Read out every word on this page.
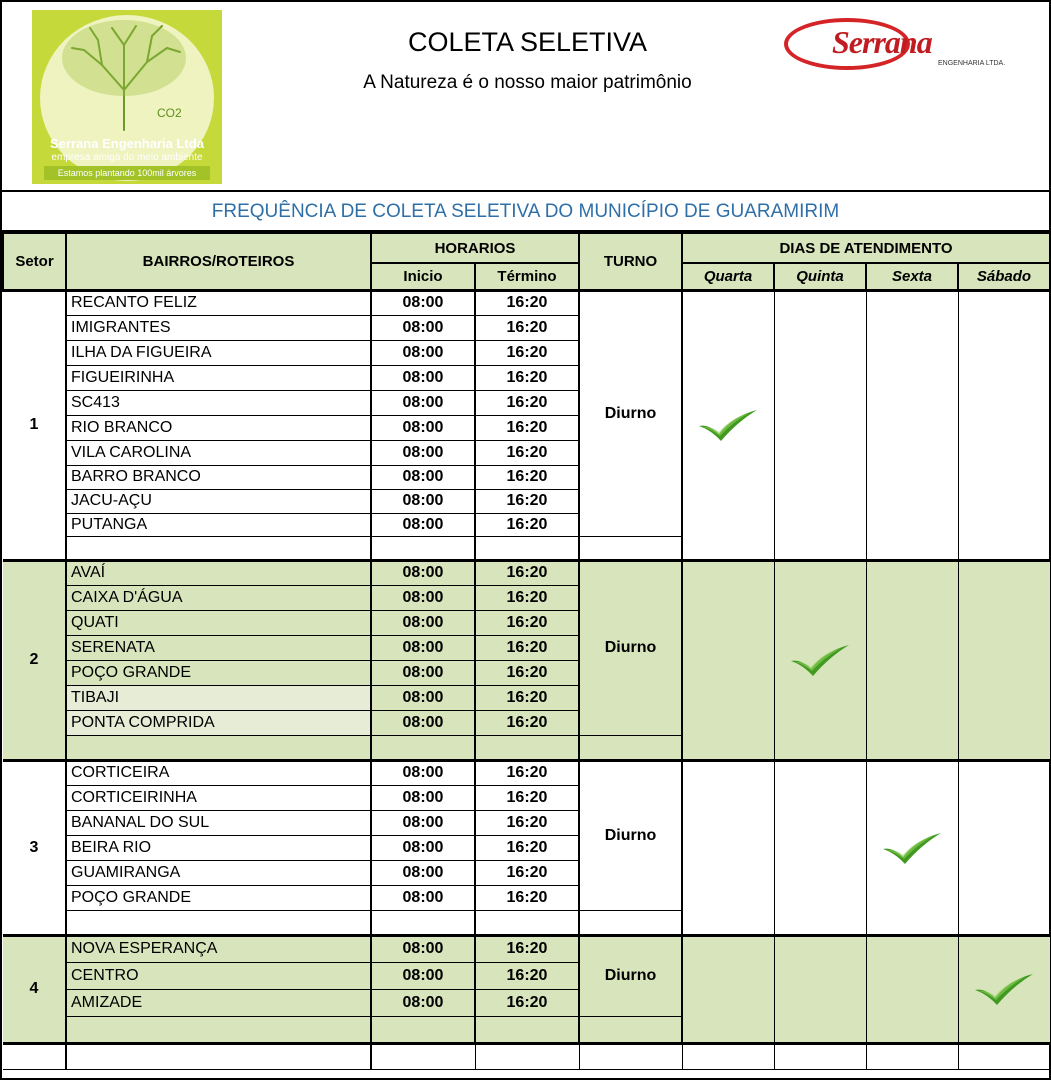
CO2
Serrana Engenharia Ltda
empresa amiga do meio ambiente
Estamos plantando 100mil árvores
COLETA SELETIVA
A Natureza é o nosso maior patrimônio
Serrana
ENGENHARIA LTDA.
FREQUÊNCIA DE COLETA SELETIVA DO MUNICÍPIO DE GUARAMIRIM
Setor	BAIRROS/ROTEIROS	HORARIOS		TURNO	DIAS DE ATENDIMENTO			
		Inicio	Término		Quarta	Quinta	Sexta	Sábado
1	RECANTO FELIZ	08:00	16:20	Diurno	

	IMIGRANTES	08:00	16:20					
	ILHA DA FIGUEIRA	08:00	16:20					
	FIGUEIRINHA	08:00	16:20					
	SC413	08:00	16:20					
	RIO BRANCO	08:00	16:20					
	VILA CAROLINA	08:00	16:20					
	BARRO BRANCO	08:00	16:20					
	JACU-AÇU	08:00	16:20					
	PUTANGA	08:00	16:20					

2	AVAÍ	08:00	16:20	Diurno		

	CAIXA D'ÁGUA	08:00	16:20					
	QUATI	08:00	16:20					
	SERENATA	08:00	16:20					
	POÇO GRANDE	08:00	16:20					
	TIBAJI	08:00	16:20					
	PONTA COMPRIDA	08:00	16:20					

3	CORTICEIRA	08:00	16:20	Diurno			

	CORTICEIRINHA	08:00	16:20					
	BANANAL DO SUL	08:00	16:20					
	BEIRA RIO	08:00	16:20					
	GUAMIRANGA	08:00	16:20					
	POÇO GRANDE	08:00	16:20					

4	NOVA ESPERANÇA	08:00	16:20	Diurno				

	CENTRO	08:00	16:20					
	AMIZADE	08:00	16:20					
